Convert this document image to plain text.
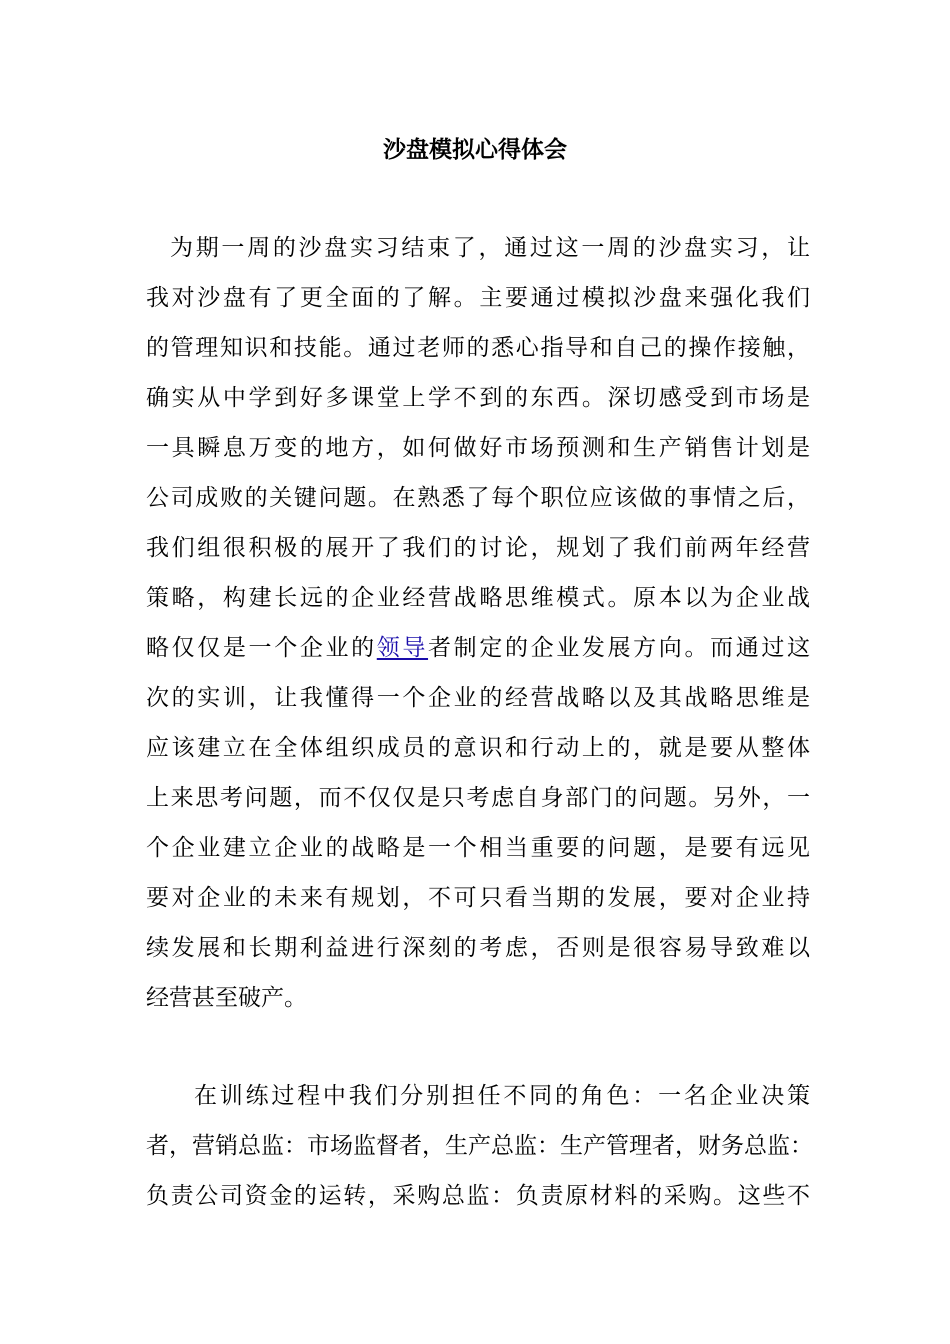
沙盘模拟心得体会
为期一周的沙盘实习结束了，通过这一周的沙盘实习，让
我对沙盘有了更全面的了解。主要通过模拟沙盘来强化我们
的管理知识和技能。通过老师的悉心指导和自己的操作接触，
确实从中学到好多课堂上学不到的东西。深切感受到市场是
一具瞬息万变的地方，如何做好市场预测和生产销售计划是
公司成败的关键问题。在熟悉了每个职位应该做的事情之后，
我们组很积极的展开了我们的讨论，规划了我们前两年经营
策略，构建长远的企业经营战略思维模式。原本以为企业战
略仅仅是一个企业的领导者制定的企业发展方向。而通过这
次的实训，让我懂得一个企业的经营战略以及其战略思维是
应该建立在全体组织成员的意识和行动上的，就是要从整体
上来思考问题，而不仅仅是只考虑自身部门的问题。另外，一
个企业建立企业的战略是一个相当重要的问题，是要有远见
要对企业的未来有规划，不可只看当期的发展，要对企业持
续发展和长期利益进行深刻的考虑，否则是很容易导致难以
经营甚至破产。
在训练过程中我们分别担任不同的角色：一名企业决策
者，营销总监：市场监督者，生产总监：生产管理者，财务总监：
负责公司资金的运转，采购总监：负责原材料的采购。这些不
